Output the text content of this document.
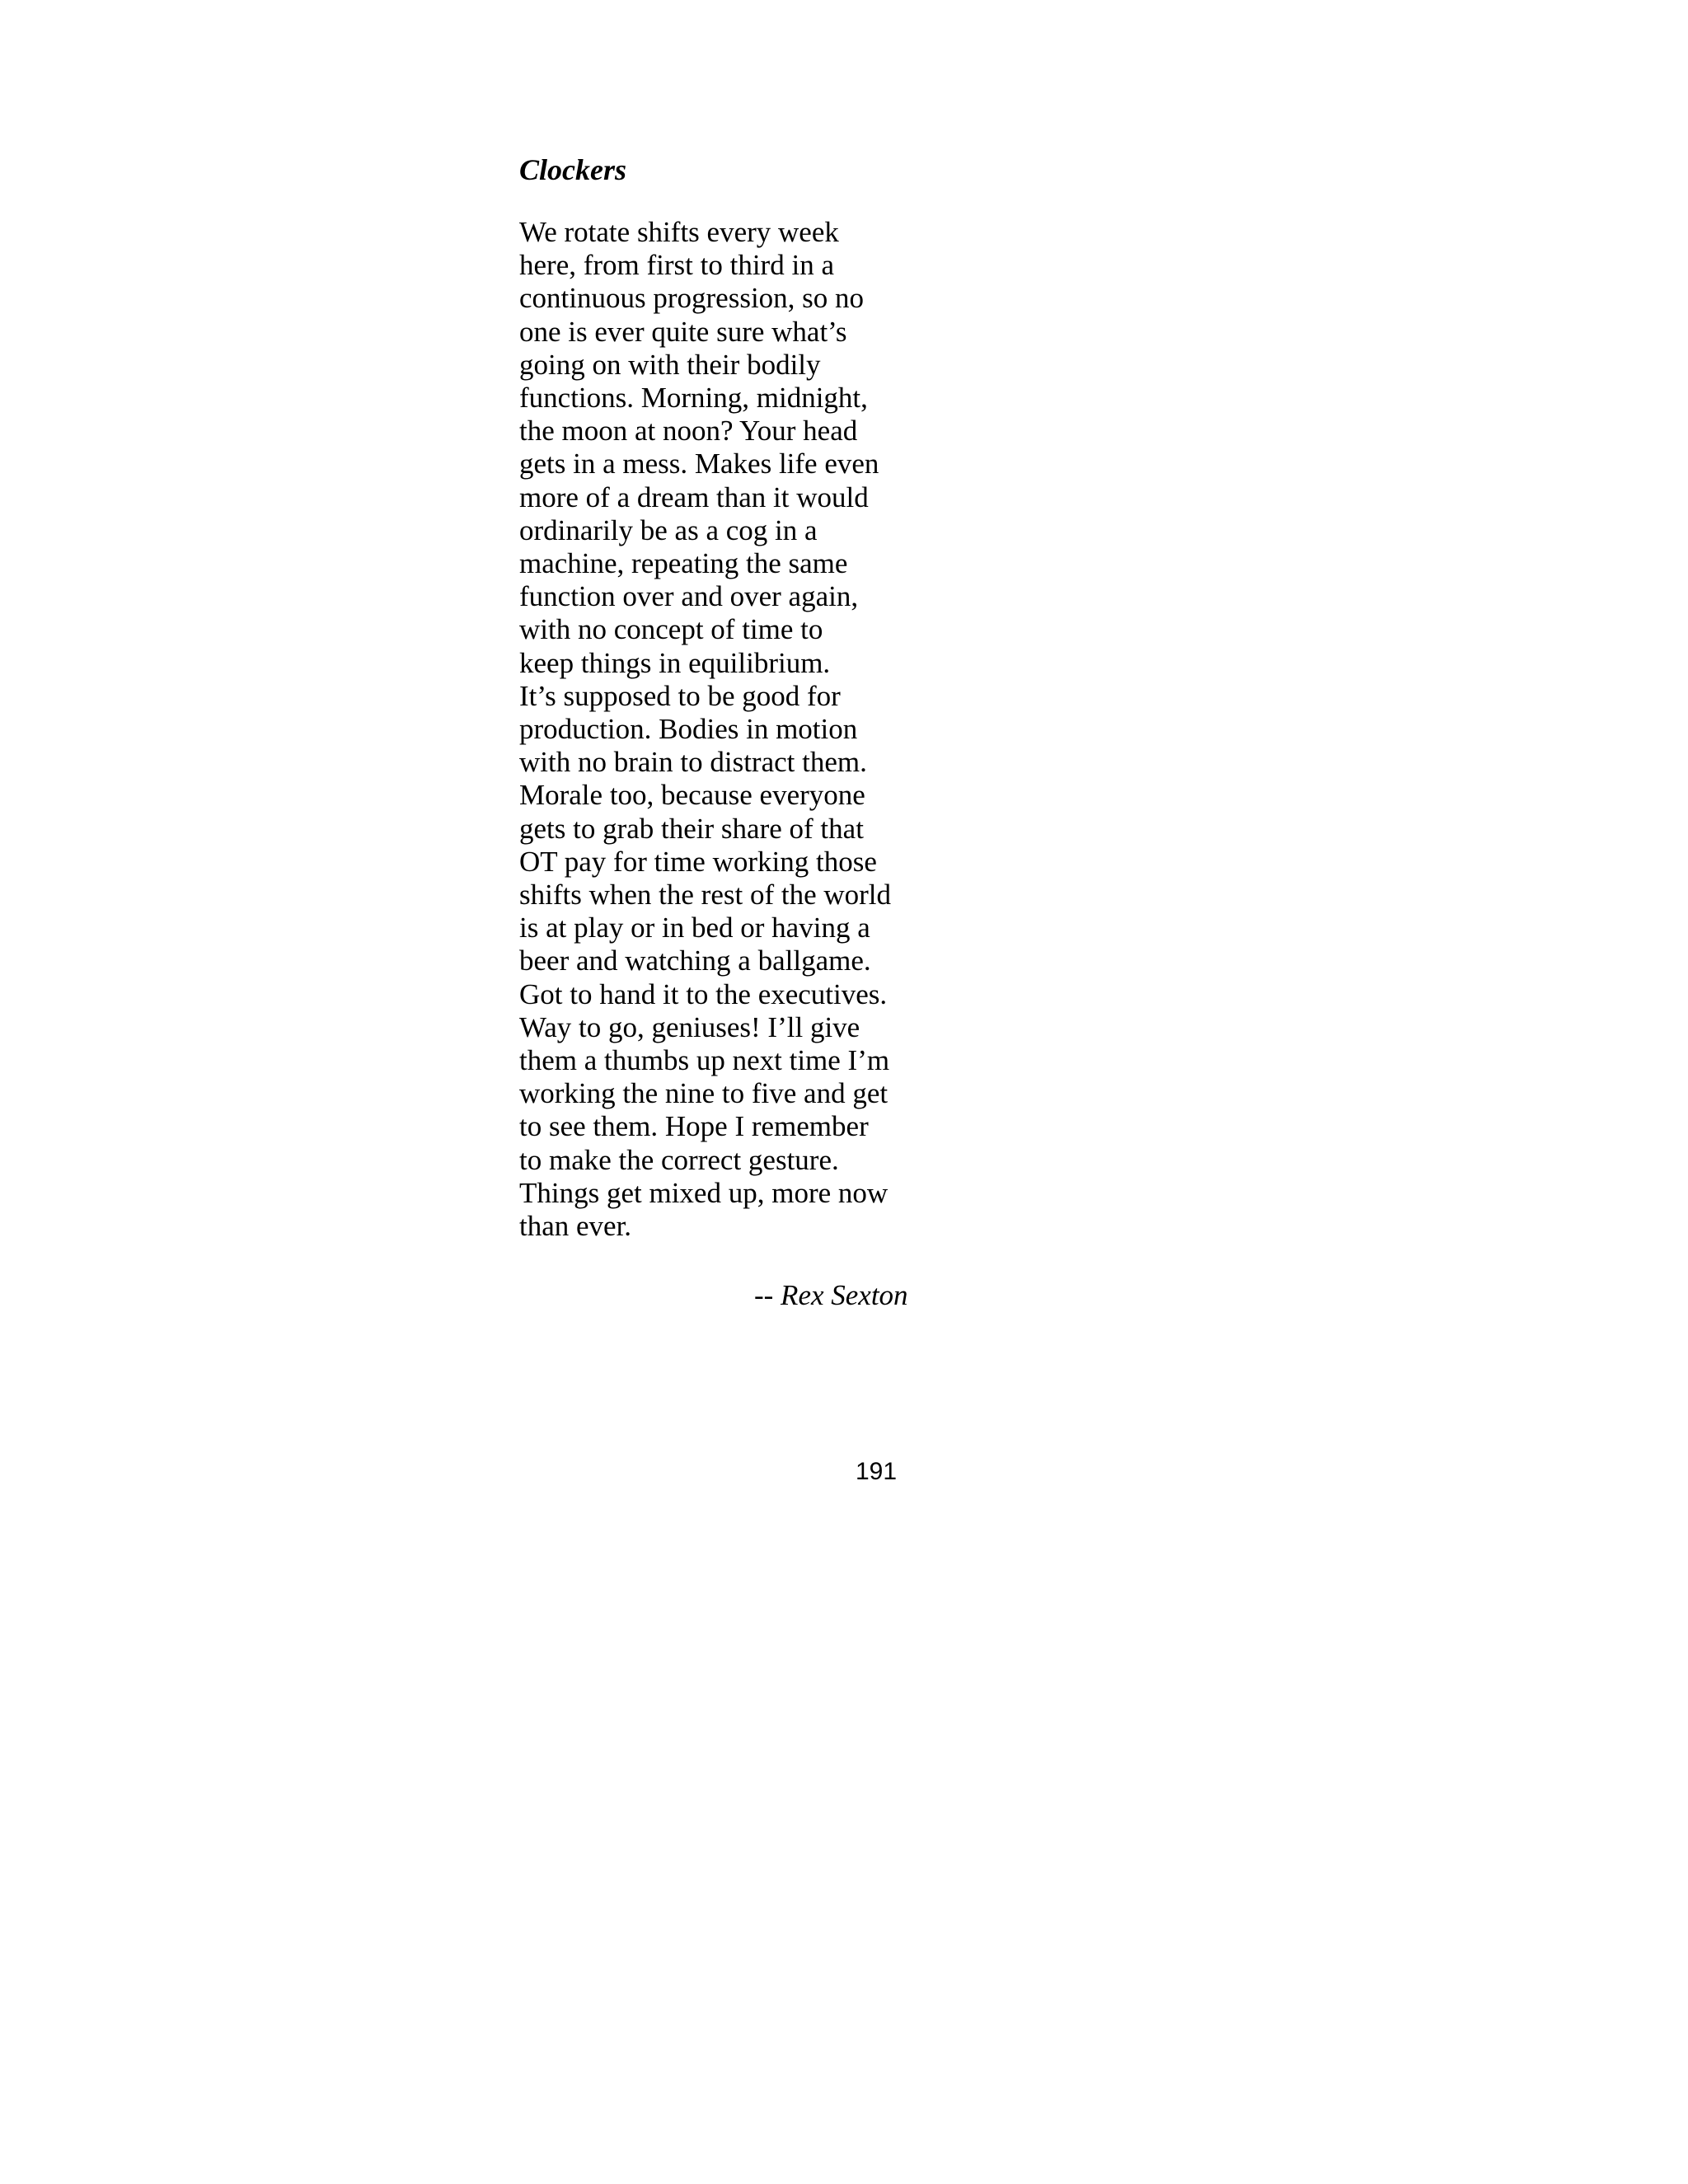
Clockers
We rotate shifts every week
here, from first to third in a
continuous progression, so no
one is ever quite sure what’s
going on with their bodily
functions. Morning, midnight,
the moon at noon? Your head
gets in a mess. Makes life even
more of a dream than it would
ordinarily be as a cog in a
machine, repeating the same
function over and over again,
with no concept of time to
keep things in equilibrium.
It’s supposed to be good for
production. Bodies in motion
with no brain to distract them.
Morale too, because everyone
gets to grab their share of that
OT pay for time working those
shifts when the rest of the world
is at play or in bed or having a
beer and watching a ballgame.
Got to hand it to the executives.
Way to go, geniuses! I’ll give
them a thumbs up next time I’m
working the nine to five and get
to see them. Hope I remember
to make the correct gesture.
Things get mixed up, more now
than ever.

-- Rex Sexton

191
